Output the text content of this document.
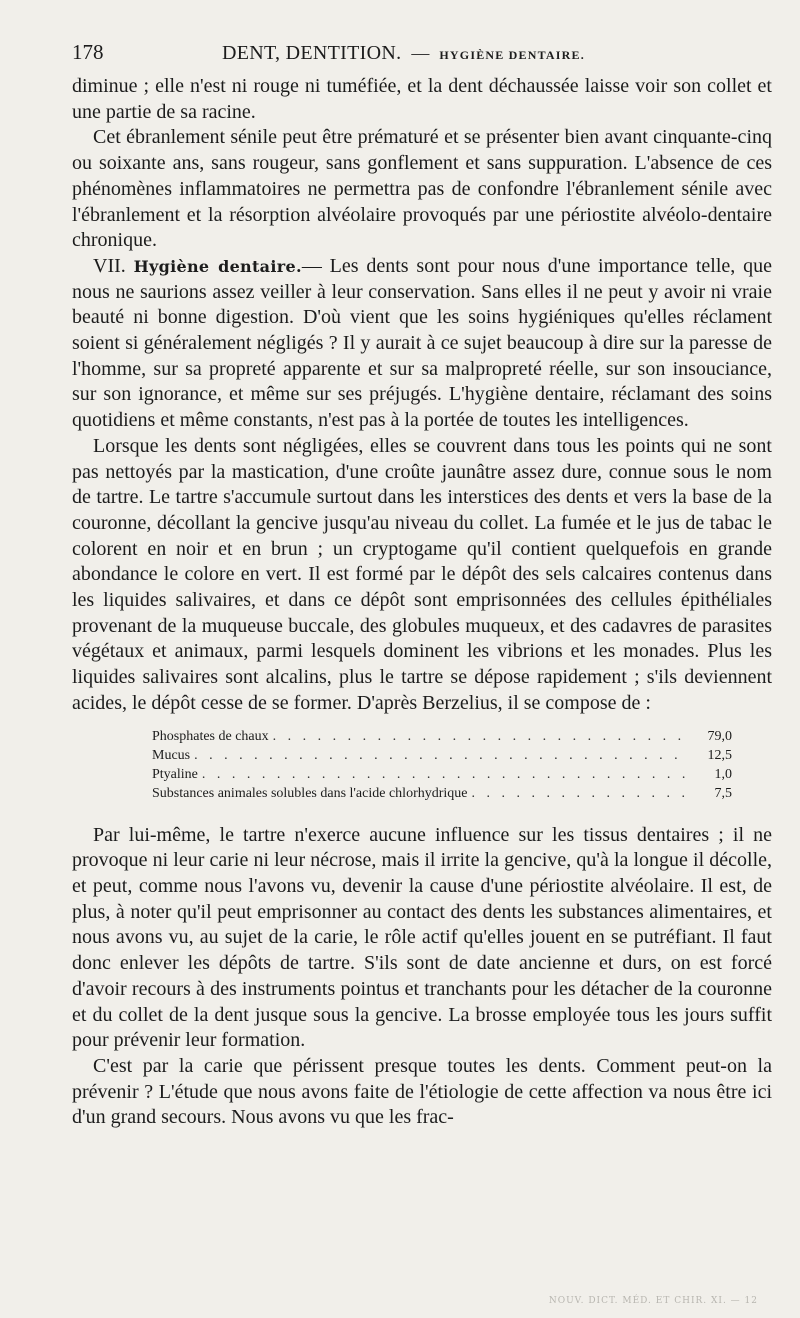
178	DENT, DENTITION. — HYGIÈNE DENTAIRE.

diminue ; elle n'est ni rouge ni tuméfiée, et la dent déchaussée laisse voir son collet et une partie de sa racine.

Cet ébranlement sénile peut être prématuré et se présenter bien avant cinquante-cinq ou soixante ans, sans rougeur, sans gonflement et sans suppuration. L'absence de ces phénomènes inflammatoires ne permettra pas de confondre l'ébranlement sénile avec l'ébranlement et la résorption alvéolaire provoqués par une périostite alvéolo-dentaire chronique.

VII. Hygiène dentaire.— Les dents sont pour nous d'une importance telle, que nous ne saurions assez veiller à leur conservation. Sans elles il ne peut y avoir ni vraie beauté ni bonne digestion. D'où vient que les soins hygiéniques qu'elles réclament soient si généralement négligés ? Il y aurait à ce sujet beaucoup à dire sur la paresse de l'homme, sur sa propreté apparente et sur sa malpropreté réelle, sur son insouciance, sur son ignorance, et même sur ses préjugés. L'hygiène dentaire, réclamant des soins quotidiens et même constants, n'est pas à la portée de toutes les intelligences.

Lorsque les dents sont négligées, elles se couvrent dans tous les points qui ne sont pas nettoyés par la mastication, d'une croûte jaunâtre assez dure, connue sous le nom de tartre. Le tartre s'accumule surtout dans les interstices des dents et vers la base de la couronne, décollant la gencive jusqu'au niveau du collet. La fumée et le jus de tabac le colorent en noir et en brun ; un cryptogame qu'il contient quelquefois en grande abondance le colore en vert. Il est formé par le dépôt des sels calcaires contenus dans les liquides salivaires, et dans ce dépôt sont emprisonnées des cellules épithéliales provenant de la muqueuse buccale, des globules muqueux, et des cadavres de parasites végétaux et animaux, parmi lesquels dominent les vibrions et les monades. Plus les liquides salivaires sont alcalins, plus le tartre se dépose rapidement ; s'ils deviennent acides, le dépôt cesse de se former. D'après Berzelius, il se compose de :

Phosphates de chaux . . .	79,0
Mucus . . .	12,5
Ptyaline . . .	1,0
Substances animales solubles dans l'acide chlorhydrique . . .	7,5

Par lui-même, le tartre n'exerce aucune influence sur les tissus dentaires ; il ne provoque ni leur carie ni leur nécrose, mais il irrite la gencive, qu'à la longue il décolle, et peut, comme nous l'avons vu, devenir la cause d'une périostite alvéolaire. Il est, de plus, à noter qu'il peut emprisonner au contact des dents les substances alimentaires, et nous avons vu, au sujet de la carie, le rôle actif qu'elles jouent en se putréfiant. Il faut donc enlever les dépôts de tartre. S'ils sont de date ancienne et durs, on est forcé d'avoir recours à des instruments pointus et tranchants pour les détacher de la couronne et du collet de la dent jusque sous la gencive. La brosse employée tous les jours suffit pour prévenir leur formation.

C'est par la carie que périssent presque toutes les dents. Comment peut-on la prévenir ? L'étude que nous avons faite de l'étiologie de cette affection va nous être ici d'un grand secours. Nous avons vu que les frac-

NOUV. DICT. MÉD. ET CHIR. XI. — 12
